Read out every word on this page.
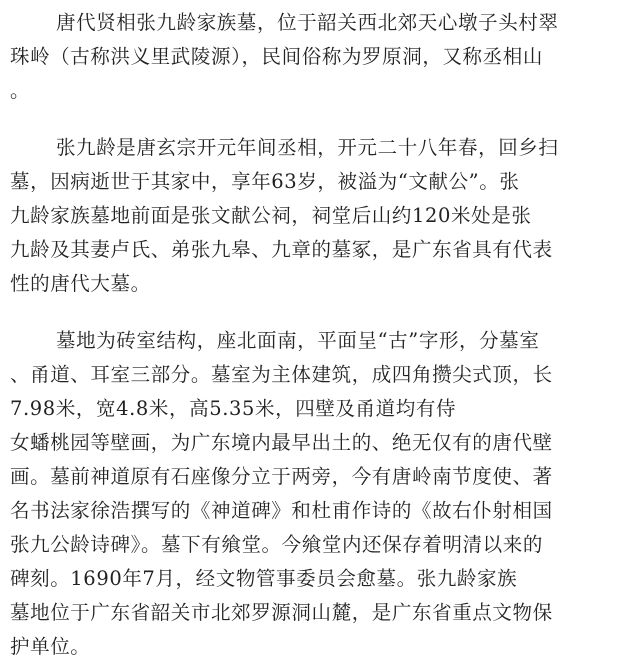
唐代贤相张九龄家族墓，位于韶关西北郊天心墩子头村翠
珠岭（古称洪义里武陵源），民间俗称为罗原洞，又称丞相山
。
张九龄是唐玄宗开元年间丞相，开元二十八年春，回乡扫
墓，因病逝世于其家中，享年63岁，被溢为“文献公”。张
九龄家族墓地前面是张文献公祠，祠堂后山约120米处是张
九龄及其妻卢氏、弟张九皋、九章的墓冢，是广东省具有代表
性的唐代大墓。
墓地为砖室结构，座北面南，平面呈“古”字形，分墓室
、甬道、耳室三部分。墓室为主体建筑，成四角攒尖式顶，长
7.98米，宽4.8米，高5.35米，四壁及甬道均有侍
女蟠桃园等壁画，为广东境内最早出土的、绝无仅有的唐代壁
画。墓前神道原有石座像分立于两旁，今有唐岭南节度使、著
名书法家徐浩撰写的《神道碑》和杜甫作诗的《故右仆射相国
张九公龄诗碑》。墓下有飨堂。今飨堂内还保存着明清以来的
碑刻。1690年7月，经文物管事委员会愈墓。张九龄家族
墓地位于广东省韶关市北郊罗源洞山麓，是广东省重点文物保
护单位。
